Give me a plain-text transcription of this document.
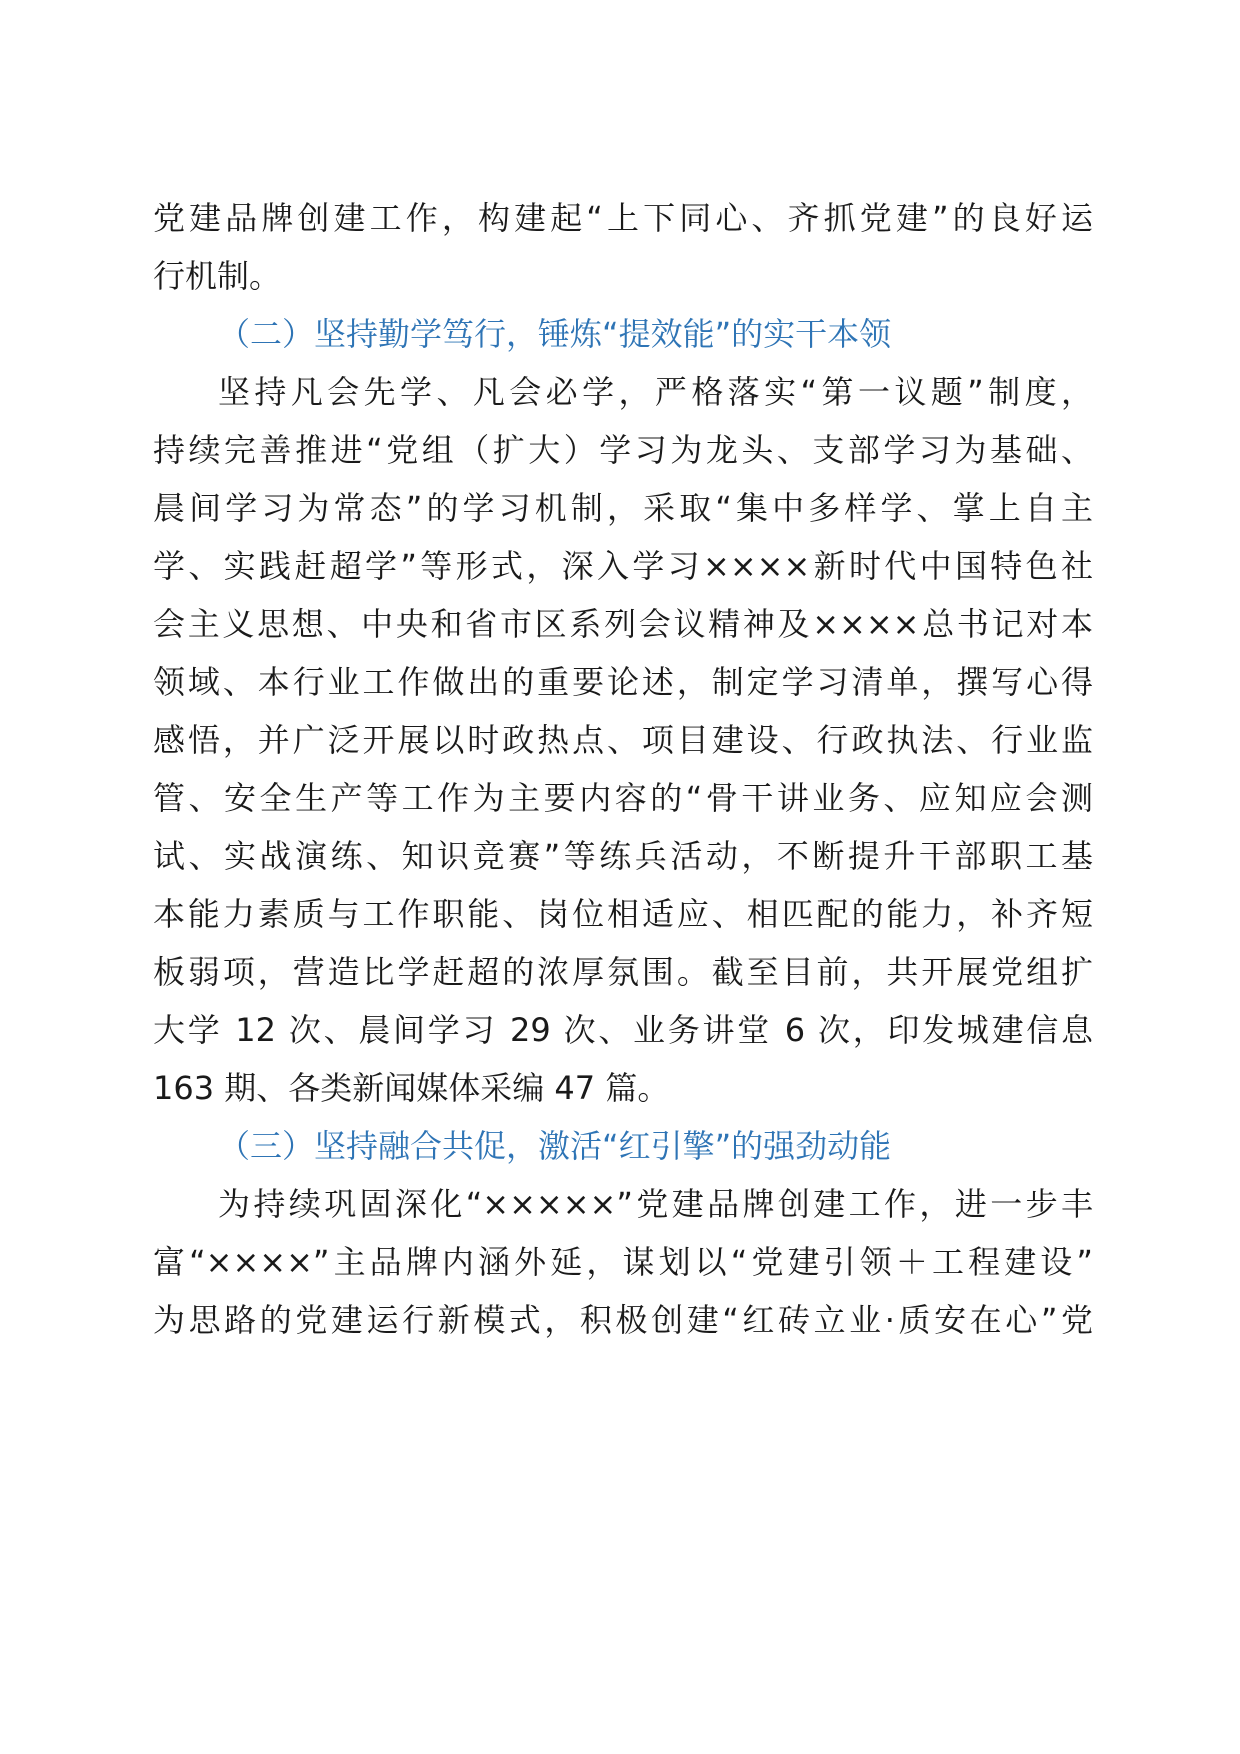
党建品牌创建工作，构建起“上下同心、齐抓党建”的良好运
行机制。
（二）坚持勤学笃行，锤炼“提效能”的实干本领
坚持凡会先学、凡会必学，严格落实“第一议题”制度，
持续完善推进“党组（扩大）学习为龙头、支部学习为基础、
晨间学习为常态”的学习机制，采取“集中多样学、掌上自主
学、实践赶超学”等形式，深入学习××××新时代中国特色社
会主义思想、中央和省市区系列会议精神及××××总书记对本
领域、本行业工作做出的重要论述，制定学习清单，撰写心得
感悟，并广泛开展以时政热点、项目建设、行政执法、行业监
管、安全生产等工作为主要内容的“骨干讲业务、应知应会测
试、实战演练、知识竞赛”等练兵活动，不断提升干部职工基
本能力素质与工作职能、岗位相适应、相匹配的能力，补齐短
板弱项，营造比学赶超的浓厚氛围。截至目前，共开展党组扩
大学 12 次、晨间学习 29 次、业务讲堂 6 次，印发城建信息
163 期、各类新闻媒体采编 47 篇。
（三）坚持融合共促，激活“红引擎”的强劲动能
为持续巩固深化“×××××”党建品牌创建工作，进一步丰
富“××××”主品牌内涵外延，谋划以“党建引领＋工程建设”
为思路的党建运行新模式，积极创建“红砖立业·质安在心”党
